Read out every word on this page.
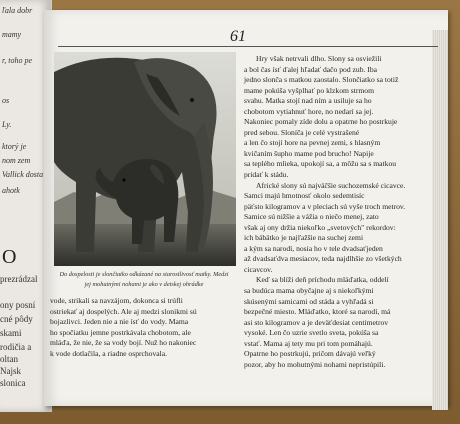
ľala dobr
mamy
r, toho pe
os
Ly.
ktorý je
nom zem
Vallick dosta
ahotk
O
prezrádzal
ony posní
cné pôdy
skami
rodičia a
oltan
Najsk
slonica
61
Do dospelosti je slončiatko odkázané na starostlivosť matky. Medzi jej mohutnými nohami je ako v detskej ohrádke
Hry však netrvali dlho. Slony sa osviežili
a bol čas ísť ďalej hľadať dačo pod zub. Iba
jedno slonča s matkou zaostalo. Slončiatko sa totiž
mame pokúša vyšplhať po klzkom strmom
svahu. Matka stojí nad ním a usiluje sa ho
chobotom vytiahnuť hore, no nedarí sa jej.
Nakoniec pomaly zíde dolu a opatrne ho postrkuje
pred sebou. Sloníča je celé vystrašené
a len čo stojí hore na pevnej zemi, s hlasným
kvičaním šupho mame pod brucho! Napije
sa teplého mlieka, upokojí sa, a môžu sa s matkou
pridať k stádu.
Africké slony sú najväčšie suchozemské cicavce.
Samci majú hmotnosť okolo sedemtisíc
päťsto kilogramov a v pleciach sú vyše troch metrov.
Samice sú nižšie a vážia o niečo menej, zato
však aj ony držia niekoľko „svetových" rekordov:
ich bábätko je najľažšie na suchej zemi
a kým sa narodí, nosia ho v tele dvadsaťjeden
až dvadsaťdva mesiacov, teda najdlhšie zo všetkých
cicavcov.
Keď sa blíži deň príchodu mláďatka, oddelí
sa budúca mama obyčajne aj s niekoľkými
skúsenými samicami od stáda a vyhľadá si
bezpečné miesto. Mláďatko, ktoré sa narodí, má
asi sto kilogramov a je deväťdesiat centimetrov
vysoké. Len čo uzrie svetlo sveta, pokúša sa
vstať. Mama aj tety mu pri tom pomáhajú.
Opatrne ho postrkujú, pričom dávajú veľký
pozor, aby ho mohutnými nohami nepristúpili.
vode, strikali sa navzájom, dokonca si trúfli
ostriekať aj dospelých. Ale aj medzi slonikmi sú
bojazlivci. Jeden nie a nie ísť do vody. Mama
ho spočiatku jemne postrkávala chobotom, ale
mláďa, že nie, že sa vody bojí. Nuž ho nakoniec
k vode dotlačila, a riadne osprchovala.
